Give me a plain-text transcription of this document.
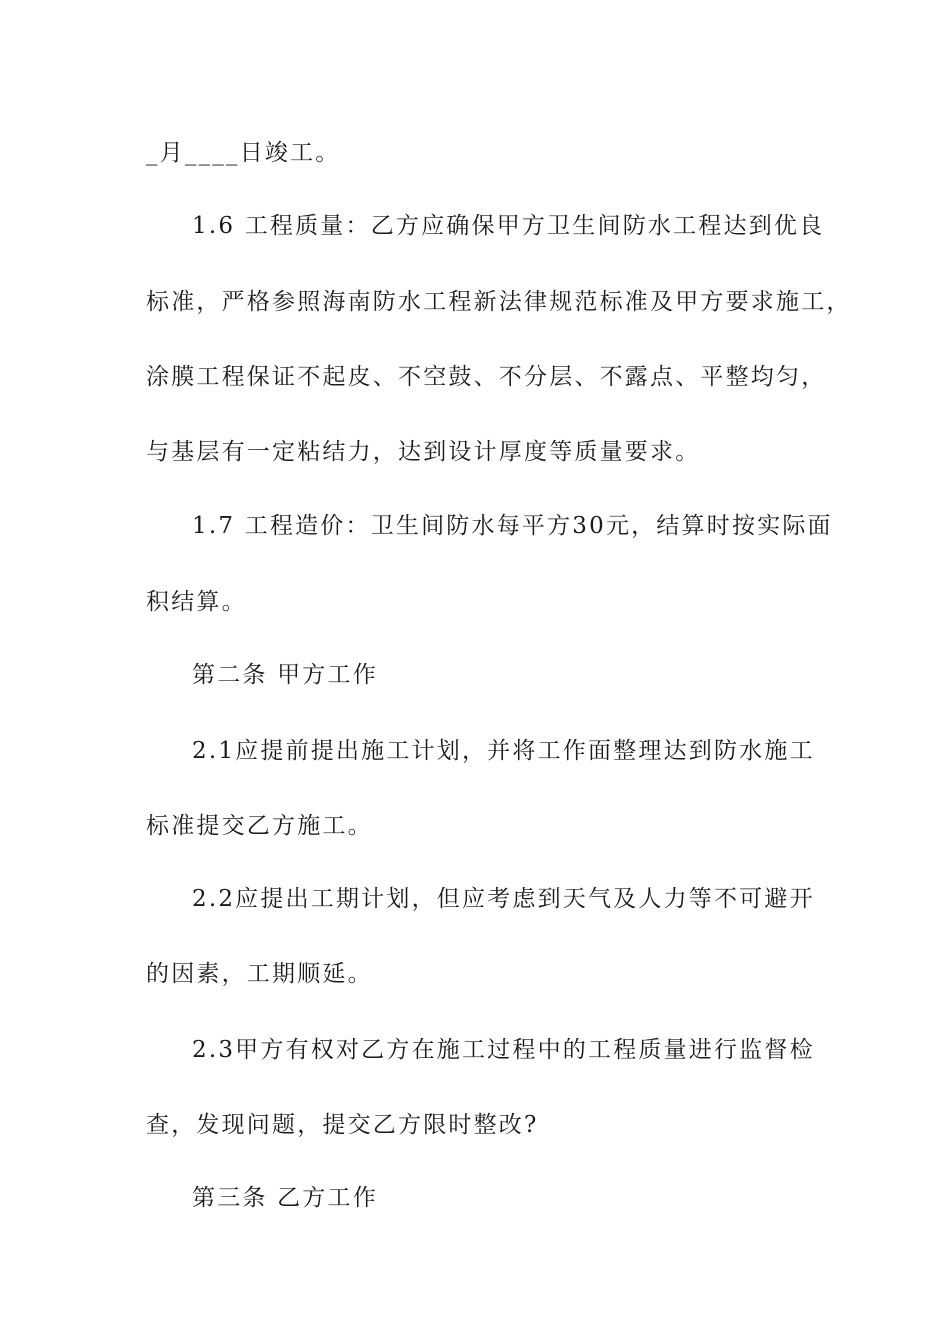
_月____日竣工。

1.6 工程质量：乙方应确保甲方卫生间防水工程达到优良

标准，严格参照海南防水工程新法律规范标准及甲方要求施工，

涂膜工程保证不起皮、不空鼓、不分层、不露点、平整均匀，

与基层有一定粘结力，达到设计厚度等质量要求。

1.7 工程造价：卫生间防水每平方30元，结算时按实际面

积结算。

第二条 甲方工作

2.1应提前提出施工计划，并将工作面整理达到防水施工

标准提交乙方施工。

2.2应提出工期计划，但应考虑到天气及人力等不可避开

的因素，工期顺延。

2.3甲方有权对乙方在施工过程中的工程质量进行监督检

查，发现问题，提交乙方限时整改?

第三条 乙方工作
